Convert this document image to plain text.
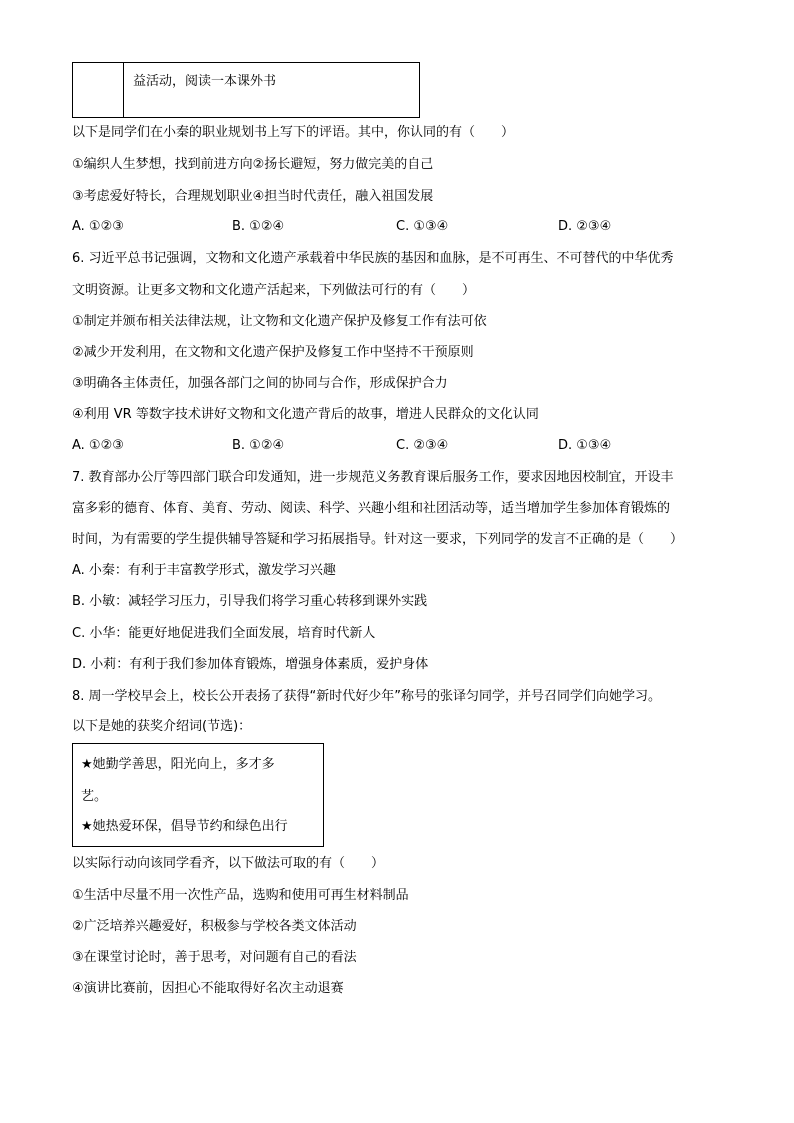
益活动，阅读一本课外书
以下是同学们在小秦的职业规划书上写下的评语。其中，你认同的有（　　）
①编织人生梦想，找到前进方向②扬长避短，努力做完美的自己
③考虑爱好特长，合理规划职业④担当时代责任，融入祖国发展
A. ①②③	B. ①②④	C. ①③④	D. ②③④
6. 习近平总书记强调，文物和文化遗产承载着中华民族的基因和血脉，是不可再生、不可替代的中华优秀
文明资源。让更多文物和文化遗产活起来，下列做法可行的有（　　）
①制定并颁布相关法律法规，让文物和文化遗产保护及修复工作有法可依
②减少开发利用，在文物和文化遗产保护及修复工作中坚持不干预原则
③明确各主体责任，加强各部门之间的协同与合作，形成保护合力
④利用 VR 等数字技术讲好文物和文化遗产背后的故事，增进人民群众的文化认同
A. ①②③	B. ①②④	C. ②③④	D. ①③④
7. 教育部办公厅等四部门联合印发通知，进一步规范义务教育课后服务工作，要求因地因校制宜，开设丰
富多彩的德育、体育、美育、劳动、阅读、科学、兴趣小组和社团活动等，适当增加学生参加体育锻炼的
时间，为有需要的学生提供辅导答疑和学习拓展指导。针对这一要求，下列同学的发言不正确的是（　　）
A. 小秦：有利于丰富教学形式，激发学习兴趣
B. 小敏：减轻学习压力，引导我们将学习重心转移到课外实践
C. 小华：能更好地促进我们全面发展，培育时代新人
D. 小莉：有利于我们参加体育锻炼，增强身体素质，爱护身体
8. 周一学校早会上，校长公开表扬了获得“新时代好少年”称号的张译匀同学，并号召同学们向她学习。
以下是她的获奖介绍词(节选)：
★她勤学善思，阳光向上，多才多
艺。
★她热爱环保，倡导节约和绿色出行
以实际行动向该同学看齐，以下做法可取的有（　　）
①生活中尽量不用一次性产品，选购和使用可再生材料制品
②广泛培养兴趣爱好，积极参与学校各类文体活动
③在课堂讨论时，善于思考，对问题有自己的看法
④演讲比赛前，因担心不能取得好名次主动退赛
